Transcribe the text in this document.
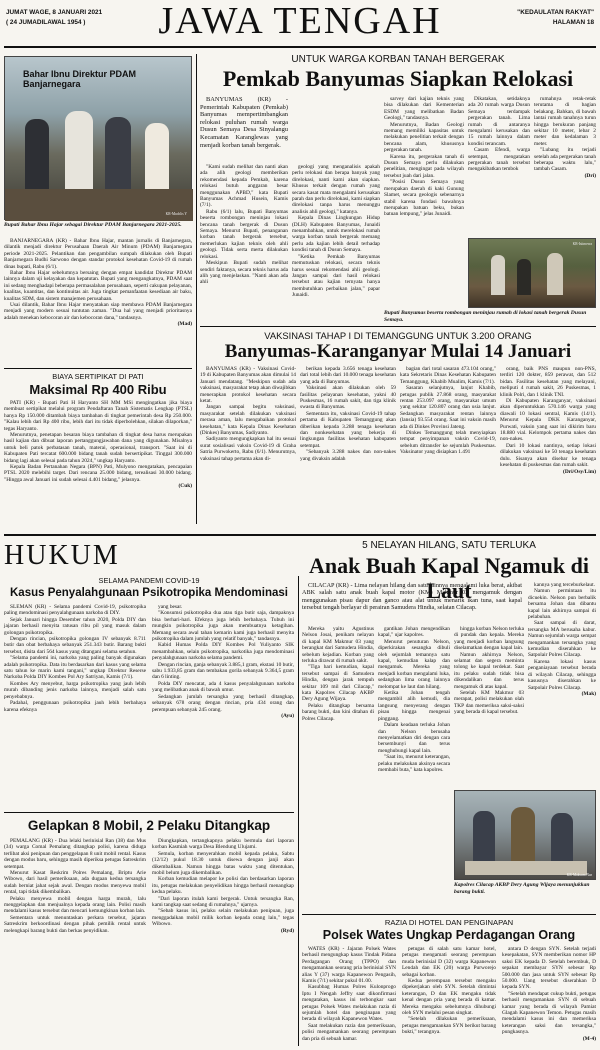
JUMAT WAGE, 8 JANUARI 2021
( 24 JUMADILAWAL 1954 )	JAWA TENGAH	"KEDAULATAN RAKYAT"
HALAMAN 18
Bahar Ibnu Direktur PDAM Banjarnegara
KR-Muchlis Y
Bupati Bahar Ibnu Hajar sebagai Direktur PDAM Banjarnegara 2021-2025.

BANJARNEGARA (KR) - Bahar Ibnu Hajar, mantan jurnalis di Banjarnegara, dilantik menjadi direktur Perusahaan Daerah Air Minum (PDAM) Banjarnegara periode 2021-2025. Pelantikan dan pengambilan sumpah dilakukan oleh Bupati Banjarnegara Budhi Sarwono dengan standar protokol kesehatan Covid-19 di rumah dinas bupati, Rabu (6/1).

Bahar Ibnu Hajar sebelumnya bersaing dengan empat kandidat Direktur PDAM lainnya dalam uji kelayakan dan kepatutan. Bupati yang mengangkatnya, PDAM saat ini sedang menghadapi beberapa permasalahan perusahaan, seperti cakupan pelayanan, kualitas, kuantitas, dan kontinuitas air. Juga tingkat pemanfaatan kesediaan air baku, kualitas SDM, dan sistem manajemen perusahaan.

Usai dilantik, Bahar Ibnu Hajar menyatakan siap membawa PDAM Banjarnegara menjadi yang modern sesuai tuntutan zaman. "Dua hal yang menjadi prioritasnya adalah menekan kebocoran air dan kebocoran dana," tandasnya.

(Mad)
BIAYA SERTIPIKAT DI PATI
Maksimal Rp 400 Ribu

PATI (KR) - Bupati Pati H Haryanto SH MM MSi mengingatkan jika biaya membuat sertipikat melalui program Pendaftaran Tanah Sistematis Lengkap (PTSL) hanya Rp 150.000 ditambah biaya tambahan di tingkat pemerintah desa Rp 250.000. "Kalau lebih dari Rp 400 ribu, lebih dari itu tidak diperbolehkan, silakan dilaporkan," tegas Haryanto.

Menurutnya, penetapan besaran biaya tambahan di tingkat desa harus merupakan hasil kajian dan dibuat laporan pertanggungjawaban dana yang digunakan. Misalnya untuk beli patok perbatasan tanah, materai, operasional, transport. "Saat ini di Kabupaten Pati tercatat 600.000 bidang tanah sudah bersertipikat. Tinggal 300.000 bidang lagi akan selesai pada tahun 2024," ungkap Haryanto.

Kepala Badan Pertanahan Negara (BPN) Pati, Mulyono mengatakan, pencapaian PTSL 2020 melebihi target. Dari rencana 25.000 bidang, terealisasi 30.000 bidang. "Hingga awal Januari ini sudah selesai 4.401 bidang," jelasnya.

(Cuk)
UNTUK WARGA KORBAN TANAH BERGERAK
Pemkab Banyumas Siapkan Relokasi

BANYUMAS (KR) - Pemerintah Kabupaten (Pemkab) Banyumas mempertimbangkan relokasi puluhan rumah warga Dusun Semaya Desa Sinyalangu Kecamatan Karanglewas yang menjadi korban tanah bergerak.

"Kami sudah melihat dan nanti akan ada alih geologi memberikan rekomendasi kepada Pemkab, karena relokasi butuh anggaran besar menggunakan APBD," kata Bupati Banyumas Achmad Husein, Kamis (7/1).

Rabu (6/1) lalu, Bupati Banyumas beserta rombongan meninjau lokasi bencana tanah bergerak di Dusun Semaya. Menurut Bupati, penanganan korban tanah bergerak tersebut, memerlukan kajian teknis oleh ahli geologi. Tidak serta merta dilakukan relokasi.

Meskipun Bupati sudah melihat sendiri faktanya, secara teknis harus ada alih yang menjelaskan. "Nanti akan ada ahli

geologi yang menganalisis apakah perlu relokasi dan berapa banyak yang direlokasi, nanti kami akan siapkan. Khusus terkait dengan rumah yang secara kasat mata mengalami kerusakan parah dan perlu direlokasi, kami siapkan direlokasi tanpa harus menunggu analisis ahli geologi," katanya.

Kepala Dinas Lingkungan Hidup (DLH) Kabupaten Banyumas, Junaidi menambahkan, untuk merelokasi rumah warga korban tanah bergerak memang perlu ada kajian lebih detail terhadap kondisi tanah di Dusun Semaya.

"Ketika Pemkab Banyumas memutuskan relokasi, secara teknis harus sesuai rekomendasi ahli geologi. Jangan sampai dari hasil relokasi tersebut atau kajian ternyata hanya membutuhkan perbaikan jalan," papar Junaidi.

sarvey dari kajian teknis yang bisa dilakukan dari Kementerian ESDM yang melibatkan Badan Geologi," tandasnya.

Menurutnya, Badan Geologi memang memiliki kapasitas untuk melakukan penelitian terkait dengan bencana alam, khususnya pergerakan tanah.

Karena itu, pergerakan tanah di Dusun Semaya perlu dilakukan penelitian, mengingat pada wilayah tersebut juah dari jalan.

"Posisi Dusun Semaya yang merupakan daerah di kaki Gunung Slamet, secara geologis sebenarnya stabil karena fondasi bawahnya merupakan batuan beku, bukan batuan lempung," jelas Junaidi.

Dikatakan, setidaknya ada 20 rumah warga Dusun Semaya terdampak pergerakan tanah. Lima rumah di antaranya mengalami kerusakan dan 15 rumah lainnya dalam kondisi terancam.

Casam Efendi, warga setempat, mengatakan pergerakan tanah tersebut mengakibatkan tembok

rumahnya retak-retak terutama di bagian belakang. Bahkan, di bawah lantai rumah tanahnya turun hingga berukuran panjang sekitar 10 meter, lebar 2 meter dan kedalaman 3 meter.

"Lubang itu terjadi setelah ada pergerakan tanah beberapa waktu lalu," tambah Casam.

(Dri)
KR-Istimewa
Bupati Banyumas beserta rombongan meninjau rumah di lokasi tanah bergerak Dusun Semaya.
VAKSINASI TAHAP I DI TEMANGGUNG UNTUK 3.200 ORANG
Banyumas-Karanganyar Mulai 14 Januari

BANYUMAS (KR) - Vaksinasi Covid-19 di Kabupaten Banyumas akan dimulai 14 Januari mendatang. "Meskipun sudah ada vaksinasi, masyarakat tetap akan diwajibkan menerapkan protokol kesehatan secara ketat.

Jangan sampai begitu vaksinasi, masyarakat setelah dilakukan vaksinasi merasa aman, lalu mengabaikan protokol kesehatan," kata Kepala Dinas Kesehatan (Dinkes) Banyumas, Sadiyanto.

Sadiyanto mengungkapkan hal itu sesuai surat sosialisasi vaksin Covid-19 di Graha Satria Purwokerto, Rabu (6/1). Menurutnya, vaksinasi tahap pertama akan di-

berikan kepada 3.656 tenaga kesehatan dari total lebih dari 10.000 tenaga kesehatan yang ada di Banyumas.

Vaksinasi akan dilakukan oleh 59 fasilitas pelayanan kesehatan, yakni 40 Puskesmas, 16 rumah sakit, dan tiga klinik swasta di Banyumas.

Sementara itu, vaksinasi Covid-19 tahap pertama di Kabupaten Temanggung akan diberikan kepada 3.288 tenaga kesehatan dan nonkesehatan yang bekerja di lingkungan fasilitas kesehatan kabupaten setempat.

"Sebanyak 3.288 nakes dan non-nakes yang divaksin adalah

bagian dari total sasaran 473.104 orang," kata Sekretaris Dinas Kesehatan Kabupaten Temanggung, Khabib Mualim, Kamis (7/1).

Sasaran selanjutnya, lanjut Khabib, petugas publik 27.868 orang, masyarakat rentan 253.097 orang, masyarakat umum yang sekitar 120.807 orang dan usia lanjut. Sedangkan masyarakat rentan lainnya (lansia) 93.554 orang. Saat ini vaksin masih ada di Dinkes Provinsi Jateng.

Dinkes Temanggung telah menyiapkan tempat penyimpanan vaksin Covid-19, sebelum ditransfer ke sejumlah Puskesmas. Vaksinator yang disiapkan 1.491

orang, baik PNS maupun non-PNS, terdiri 120 dokter, 859 perawat, dan 512 bidan. Fasilitas kesehatan yang melayani, meliputi 4 rumah sakit, 26 Puskesmas, 1 klinik Polri, dan 1 klinik TNI.

Di Kabupaten Karanganyar, vaksinasi akan diperuntukkan 570.146 warga yang diawali 10 lokasi sentral, Kamis (14/1). Menurut Kepala DKK Karanganyar, Purwati, vaksin yang saat ini dikirim baru 18.880 vial. Kelompok pertama nakes dan non-nakes.

Dari 10 lokasi nantinya, setiap lokasi dilakukan vaksinasi ke 50 tenaga kesehatan dulu. Sisanya akan disebar ke tenaga kesehatan di puskesmas dan rumah sakit.

(Dri/Osy/Lim)
HUKUM
SELAMA PANDEMI COVID-19
Kasus Penyalahgunaan Psikotropika Mendominasi

SLEMAN (KR) - Selama pandemi Covid-19, psikotropika paling mendominasi penyalahgunaan narkoba di DIY.

Sejak Januari hingga Desember tahun 2020, Polda DIY dan jajaran berhasil menyita ratusan ribu pil yang masuk dalam golongan psikotropika.

Dengan rincian, psikotropika golongan IV sebanyak 8.711 butir dan obat berbahaya sebanyak 251.343 butir. Barang bukti tersebut, disita dari 564 kasus yang ditangani selama setahun.

"Selama pandemi ini, narkoba yang paling banyak digunakan adalah psikotropika. Data itu berdasarkan dari kasus yang selama satu tahun ke marin kami tangani," ungkap Direktur Reserse Narkoba Polda DIY Kombes Pol Ary Satriyan, Kamis (7/1).

Kombes Ary menyebut, harga psikotropika yang jauh lebih murah dibanding jenis narkoba lainnya, menjadi salah satu penyebabnya.

Padahal, penggunaan psikotropika jauh lebih berbahaya karena efeknya

yang besar.

"Konsumsi psikotropika dua atau tiga butir saja, dampaknya bisa berhari-hari. Efeknya juga lebih berbahaya. Tubuh ini mungkin psikotropika juga akan membuatnya ketagihan. Memang secara awal tahan kemarin kami juga berhasil menyita psikotropika dalam jumlah yang relatif banyak," tandasnya.

Kabid Humas Polda DIY Kombes Pol Yuliyanto SIK menambahkan, selain psikotropika, narkotika juga mendominasi penyalahgunaan narkoba selama pandemi.

Dengan rincian, ganja sebanyak 3.885,1 gram, ekstasi 10 butir, sabu 1.933,85 gram dan tembakau gorila sebanyak 9.364,5 gram dan 6 linting.

Polda DIY mencatat, ada 4 kasus penyalahgunaan narkoba yang melibatkan anak di bawah umur.

Sedangkan jumlah tersangka yang berhasil ditangkap, sebanyak 678 orang dengan rincian, pria 434 orang dan perempuan sebanyak 245 orang.

(Ayu)
Gelapkan 8 Mobil, 2 Pelaku Ditangkap

PEMALANG (KR) - Dua lelaki berinisial Ran (38) dan Mus (34) warga Comal Pemalang ditangkap polisi, karena diduga terlibat aksi penipuan dan penggelapan 8 unit mobil rental. Kasus dengan modus baru, sehingga masih diperiksa petugas Satreskrim setempat.

Menurut Kasat Reskrim Polres Pemalang, Briptu Arie Wibowo, dari hasil pemeriksaan, ada dugaan kedua tersangka sudah berniat jahat sejak awal. Dengan modus menyewa mobil rental, tapi tidak dikembalikan.

Pelaku menyewa mobil dengan harga murah, lalu menggelapkan dan menjualnya kepada orang lain. Polisi masih mendalami kasus tersebut dan mencari kemungkinan korban lain.

Sementara untuk menuntaskan perkara tersebut, jajaran Satreskrim berkoordinasi dengan pihak pemilik rental untuk melengkapi barang bukti dan berkas penyidikan.

Diungkapkan, tertangkapnya pelaku bermula dari laporan korban Kasmiah warga Desa Blendung Ulujami.

Semula, korban menyerahkan mobil kepada pelaku, Sabtu (12/12) pukul 18.30 untuk disewa dengan janji akan dikembalikan. Namun hingga batas waktu yang ditentukan, mobil belum juga dikembalikan.

Korban kemudian melapor ke polisi dan berdasarkan laporan itu, petugas melakukan penyelidikan hingga berhasil menangkap kedua pelaku.

"Dari laporan itulah kami bergerak. Untuk tersangka Ran, kami tangkap saat sedang di rumahnya," ujarnya.

"Sebab kasus ini, pelaku selain melakukan penipuan, juga menggadaikan mobil milik korban kepada orang lain," tegas Wibowo.

(Ryd)
5 NELAYAN HILANG, SATU TERLUKA
Anak Buah Kapal Ngamuk di Laut

CILACAP (KR) - Lima nelayan hilang dan satu lainnya mengalami luka berat, akibat ABK salah satu anak buah kapal motor (KM) Makmur 03 mengamuk dengan menggunakan pisau dapur dan ganco atau alat untuk menarik ikan tuna, saat kapal tersebut tengah berlayar di perairan Samudera Hindia, selatan Cilacap.

Mereka yaitu Agustinus Nelson Josai, penikam nelayan di kapal KM Makmur 03 yang berangkat dari Samudera Hindia, sebelum kejadian. Korban yang terluka dirawat di rumah sakit.

"Tiga hari kemudian, kapal tersebut sampai di Samudera Hindia, dengan jarak tempuh sekitar 109 mil dari Cilacap," kata Kapolres Cilacap AKBP Dery Agung Wijaya.

Pelaku ditangkap bersama barang bukti, dan kini ditahan di Polres Cilacap.

gantikan Johan mengendikan kapal," ujar kapolres.

Menurut penuturan Nelson, diperkirakan sesangka dibuli oleh sejumlah temannya satu kapal, kemudian kalap dan mengamuk. Mereka yang menjadi korban mengalami luka, sedangkan lima orang lainnya melompat ke laut dan hilang.

Ketika Johan tengah mengambil alih kemudi, dia langsung menyerang dengan pisau hingga mengenai pinggang.

Dalam keadaan terluka Johan dan Nelson berusaha menyelamatkan diri dengan cara bersembunyi dan terus menghubungi kapal lain.

"Saat itu, menurut keterangan, pelaku melakukan aksinya secara membabi buta," kata kapolres.

hingga korban Nelson terluka di pundak dan kepala. Mereka yang menjadi korban langsung diselamatkan dengan kapal lain.

Namun akhirnya Nelson, selamat dan segera meminta tolong ke kapal terdekat. Saat itu pelaku sudah tidak bisa dikendalikan dan terus mengamuk di atas kapal.

Setelah KM Makmur 03 merapat, polisi melakukan olah TKP dan memeriksa saksi-saksi yang berada di kapal tersebut.

kannya yang terceburkelaut.

Namun permintaan itu dicuekin. Nelson pun berbalik bersama Johan dan dibantu kapal lain akhirnya sampai di pelabuhan.

Saat sampai di darat, tersangka MA berusaha kabur. Namun sejumlah warga sempat mengamankan tersangka yang kemudian diserahkan ke Satpolair Polres Cilacap.

Karena lokasi kasus penganiayaan tersebut berada di wilayah Cilacap, sehingga kasusnya diserahkan ke Satpolair Polres Cilacap.

(Mak)
KR-Maksum Nur
Kapolres Cilacap AKBP Dery Agung Wijaya menunjukkan barang bukti.
RAZIA DI HOTEL DAN PENGINAPAN
Polsek Wates Ungkap Perdagangan Orang

WATES (KR) - Jajaran Polsek Wates berhasil mengungkap kasus Tindak Pidana Perdagangan Orang (TPPO) dan mengamankan seorang pria berinisial SYN alias Y (37) warga Kapanewon Pengasih, Kamis (7/1) sekitar pukul 01.00.

Kasubbag Humas Polres Kulonprogo Iptu I Nengah Jeffry saat dikonfirmasi mengatakan, kasus ini terbongkar saat petugas Polsek Wates melakukan razia di sejumlah hotel dan penginapan yang berada di wilayah Kapanewon Wates.

Saat melakukan razia dan pemeriksaan, polisi mengamankan seorang perempuan dan pria di sebuah kamar.

petugas di salah satu kamar hotel, petugas mengamati seorang perempuan muda berinisial D (32) warga Kapanewon Lendah dan EK (20) warga Purworejo sebagai korban.

Kedua perempuan tersebut mengaku dipekerjakan oleh SYN. Setelah dimintai keterangan, D dan EK mengaku tidak kenal dengan pria yang berada di kamar. Mereka mengaku sebelumnya dihubungi oleh SYN melalui pesan singkat.

"Setelah dilakukan pemeriksaan, petugas mengamankan SYN berikut barang bukti," terangnya.

antara D dengan SYN. Setelah terjadi kesepakatan, SYN memberikan nomor HP saksi EK kepada D. Setelah berembuk, D sepakat membayar SYN sebesar Rp 500.000 dan jasa untuk SYN sebesar Rp 50.000. Uang tersebut diserahkan D kepada SYN.

"Setelah mendapat cukup bukti, petugas berhasil mengamankan SYN di sebuah kamar yang berada di wilayah Pamiat Glagah Kapanewon Temon. Petugas masih mendalami kasus ini dan memeriksa keterangan saksi dan tersangka," pungkasnya.

(M-4)
